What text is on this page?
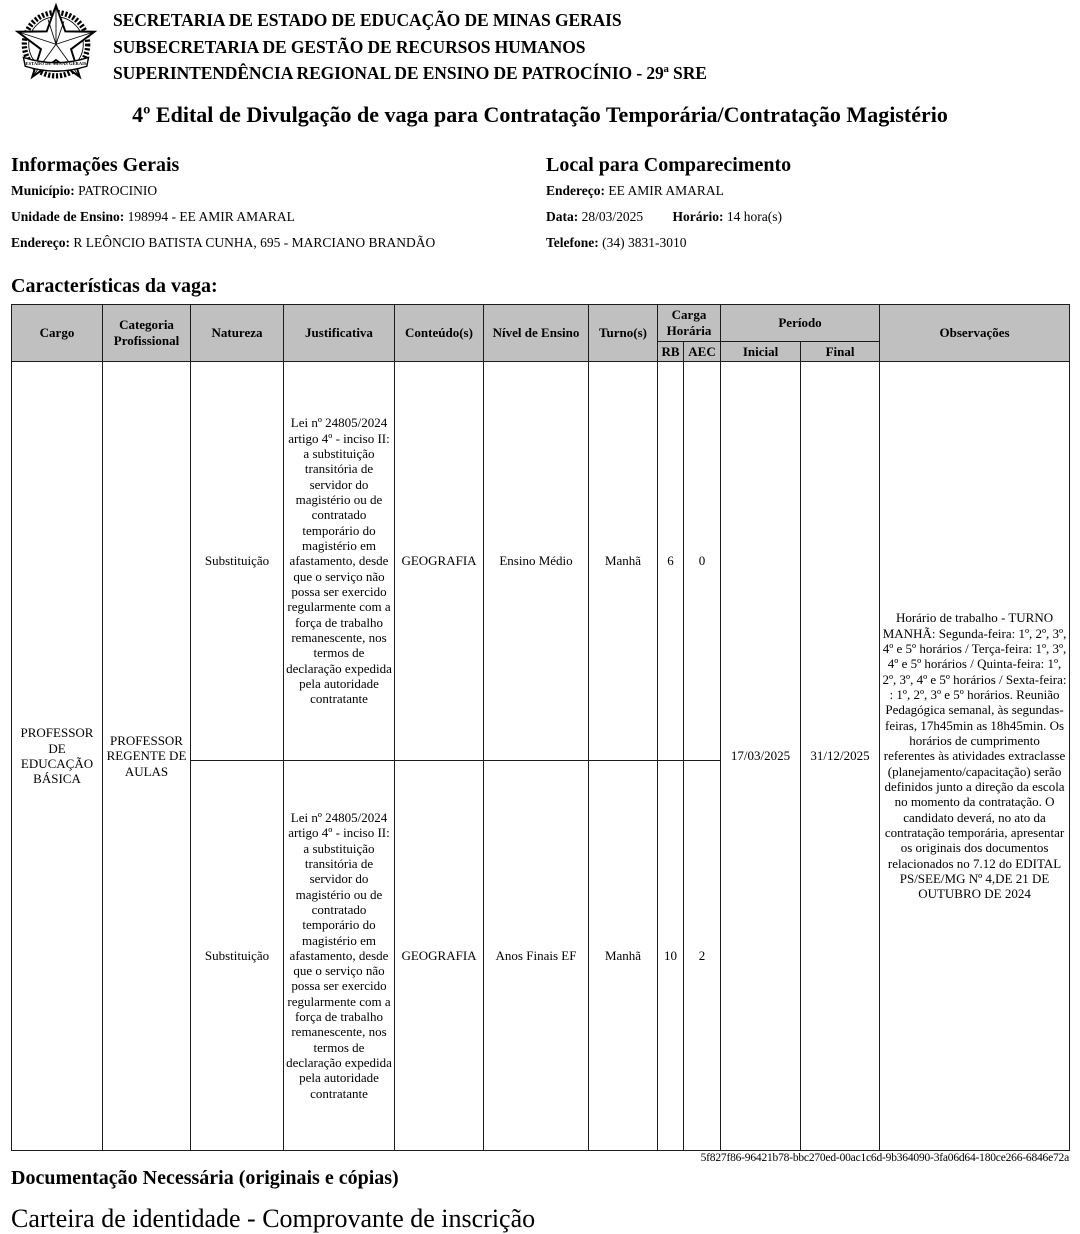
ESTADO DE MINAS GERAIS
SECRETARIA DE ESTADO DE EDUCAÇÃO DE MINAS GERAIS
SUBSECRETARIA DE GESTÃO DE RECURSOS HUMANOS
SUPERINTENDÊNCIA REGIONAL DE ENSINO DE PATROCÍNIO - 29ª SRE
4º Edital de Divulgação de vaga para Contratação Temporária/Contratação Magistério
Informações Gerais

Município: PATROCINIO

Unidade de Ensino: 198994 - EE AMIR AMARAL

Endereço: R LEÔNCIO BATISTA CUNHA, 695 - MARCIANO BRANDÃO

Local para Comparecimento

Endereço: EE AMIR AMARAL

Data: 28/03/2025 Horário: 14 hora(s)

Telefone: (34) 3831-3010

Características da vaga:
Cargo	Categoria Profissional	Natureza	Justificativa	Conteúdo(s)	Nível de Ensino	Turno(s)	Carga Horária		Período		Observações
							RB	AEC	Inicial	Final	
PROFESSOR DE EDUCAÇÃO BÁSICA	PROFESSOR REGENTE DE AULAS	Substituição	Lei nº 24805/2024 artigo 4º - inciso II: a substituição transitória de servidor do magistério ou de contratado temporário do magistério em afastamento, desde que o serviço não possa ser exercido regularmente com a força de trabalho remanescente, nos termos de declaração expedida pela autoridade contratante	GEOGRAFIA	Ensino Médio	Manhã	6	0	17/03/2025	31/12/2025	Horário de trabalho - TURNO MANHÃ: Segunda-feira: 1º, 2º, 3º, 4º e 5º horários / Terça-feira: 1º, 3º, 4º e 5º horários / Quinta-feira: 1º, 2º, 3º, 4º e 5º horários / Sexta-feira: : 1º, 2º, 3º e 5º horários. Reunião Pedagógica semanal, às segundas-feiras, 17h45min as 18h45min. Os horários de cumprimento referentes às atividades extraclasse (planejamento/capacitação) serão definidos junto a direção da escola no momento da contratação. O candidato deverá, no ato da contratação temporária, apresentar os originais dos documentos relacionados no 7.12 do EDITAL PS/SEE/MG Nº 4,DE 21 DE OUTUBRO DE 2024
		Substituição	Lei nº 24805/2024 artigo 4º - inciso II: a substituição transitória de servidor do magistério ou de contratado temporário do magistério em afastamento, desde que o serviço não possa ser exercido regularmente com a força de trabalho remanescente, nos termos de declaração expedida pela autoridade contratante	GEOGRAFIA	Anos Finais EF	Manhã	10	2			
5f827f86-96421b78-bbc270ed-00ac1c6d-9b364090-3fa06d64-180ce266-6846e72a
Documentação Necessária (originais e cópias)
Carteira de identidade - Comprovante de inscrição
